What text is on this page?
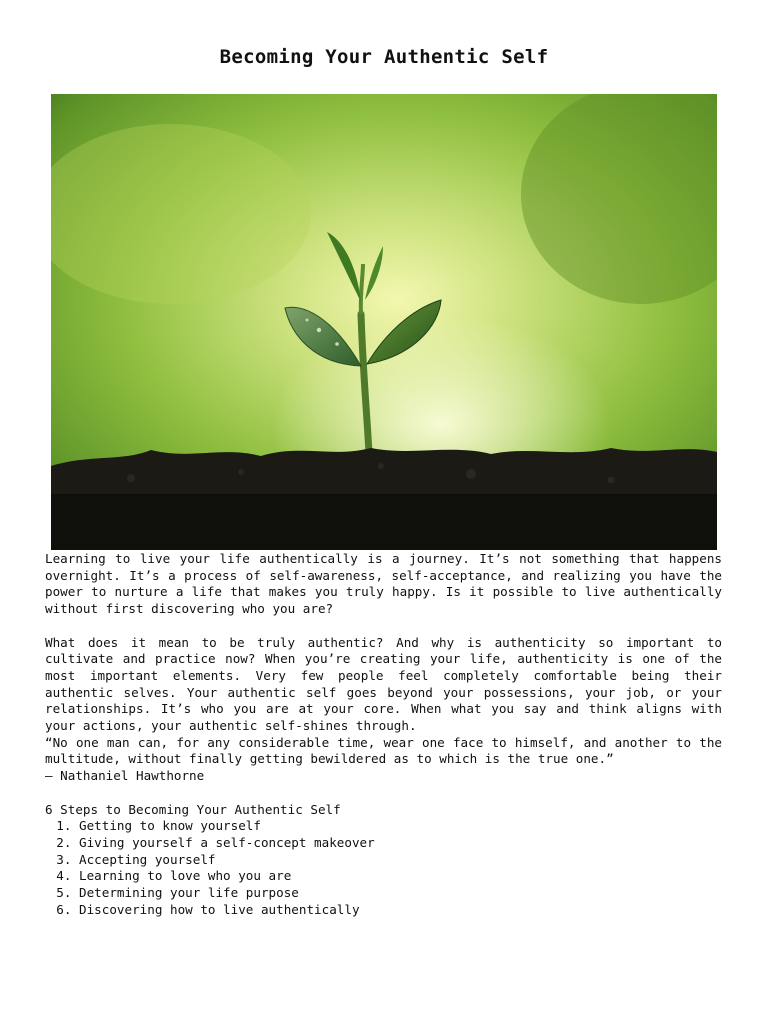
Becoming Your Authentic Self

Learning to live your life authentically is a journey. It’s not something that happens overnight. It’s a process of self-awareness, self-acceptance, and realizing you have the power to nurture a life that makes you truly happy. Is it possible to live authentically without first discovering who you are?

What does it mean to be truly authentic? And why is authenticity so important to cultivate and practice now? When you’re creating your life, authenticity is one of the most important elements. Very few people feel completely comfortable being their authentic selves. Your authentic self goes beyond your possessions, your job, or your relationships. It’s who you are at your core. When what you say and think aligns with your actions, your authentic self-shines through.

“No one man can, for any considerable time, wear one face to himself, and another to the multitude, without finally getting bewildered as to which is the true one.”

– Nathaniel Hawthorne

6 Steps to Becoming Your Authentic Self

1. Getting to know yourself
2. Giving yourself a self-concept makeover
3. Accepting yourself
4. Learning to love who you are
5. Determining your life purpose
6. Discovering how to live authentically
